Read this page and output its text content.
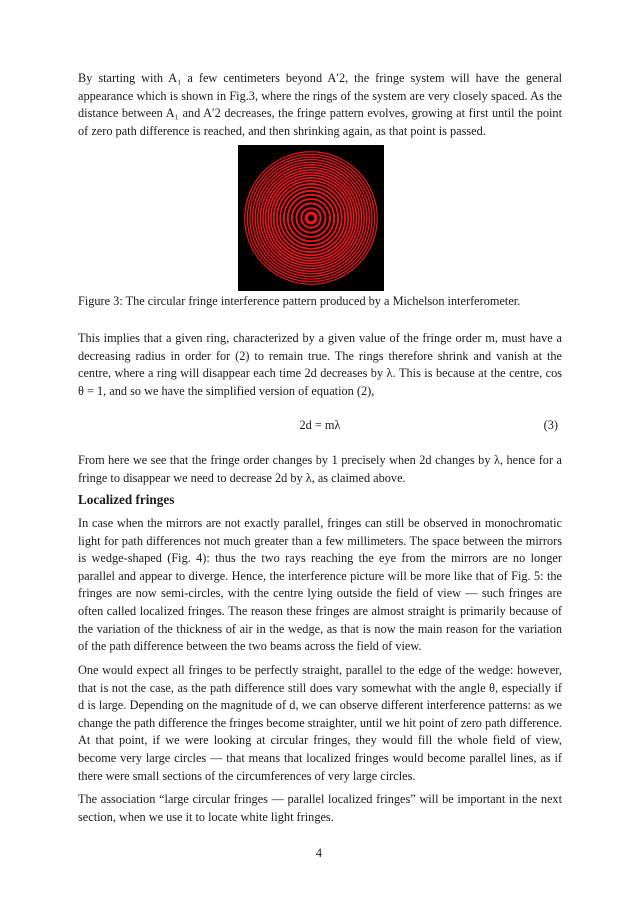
By starting with A₁ a few centimeters beyond A′2, the fringe system will have the general appearance which is shown in Fig.3, where the rings of the system are very closely spaced. As the distance between A₁ and A′2 decreases, the fringe pattern evolves, growing at first until the point of zero path difference is reached, and then shrinking again, as that point is passed.

Figure 3: The circular fringe interference pattern produced by a Michelson interferometer.

This implies that a given ring, characterized by a given value of the fringe order m, must have a decreasing radius in order for (2) to remain true. The rings therefore shrink and vanish at the centre, where a ring will disappear each time 2d decreases by λ. This is because at the centre, cos θ = 1, and so we have the simplified version of equation (2),

2d = mλ	(3)

From here we see that the fringe order changes by 1 precisely when 2d changes by λ, hence for a fringe to disappear we need to decrease 2d by λ, as claimed above.

Localized fringes

In case when the mirrors are not exactly parallel, fringes can still be observed in monochromatic light for path differences not much greater than a few millimeters. The space between the mirrors is wedge-shaped (Fig. 4): thus the two rays reaching the eye from the mirrors are no longer parallel and appear to diverge. Hence, the interference picture will be more like that of Fig. 5: the fringes are now semi-circles, with the centre lying outside the field of view — such fringes are often called localized fringes. The reason these fringes are almost straight is primarily because of the variation of the thickness of air in the wedge, as that is now the main reason for the variation of the path difference between the two beams across the field of view.

One would expect all fringes to be perfectly straight, parallel to the edge of the wedge: however, that is not the case, as the path difference still does vary somewhat with the angle θ, especially if d is large. Depending on the magnitude of d, we can observe different interference patterns: as we change the path difference the fringes become straighter, until we hit point of zero path difference. At that point, if we were looking at circular fringes, they would fill the whole field of view, become very large circles — that means that localized fringes would become parallel lines, as if there were small sections of the circumferences of very large circles.

The association “large circular fringes — parallel localized fringes” will be important in the next section, when we use it to locate white light fringes.

4
